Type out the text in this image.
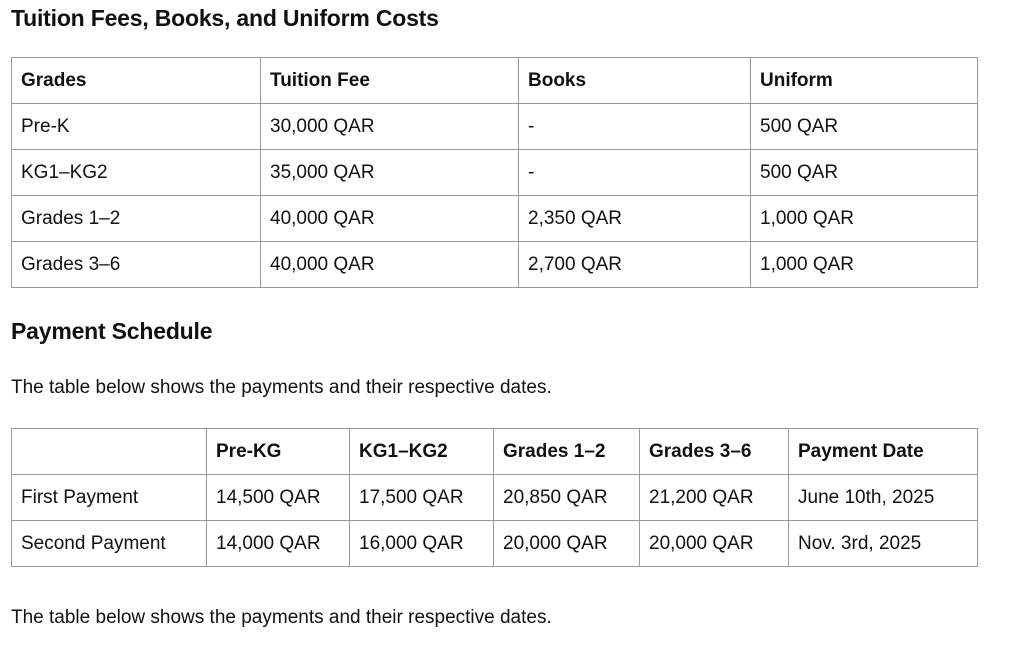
Tuition Fees, Books, and Uniform Costs
Grades	Tuition Fee	Books	Uniform
Pre-K	30,000 QAR	-	500 QAR
KG1–KG2	35,000 QAR	-	500 QAR
Grades 1–2	40,000 QAR	2,350 QAR	1,000 QAR
Grades 3–6	40,000 QAR	2,700 QAR	1,000 QAR
Payment Schedule

The table below shows the payments and their respective dates.

	Pre-KG	KG1–KG2	Grades 1–2	Grades 3–6	Payment Date
First Payment	14,500 QAR	17,500 QAR	20,850 QAR	21,200 QAR	June 10th, 2025
Second Payment	14,000 QAR	16,000 QAR	20,000 QAR	20,000 QAR	Nov. 3rd, 2025

The table below shows the payments and their respective dates.
